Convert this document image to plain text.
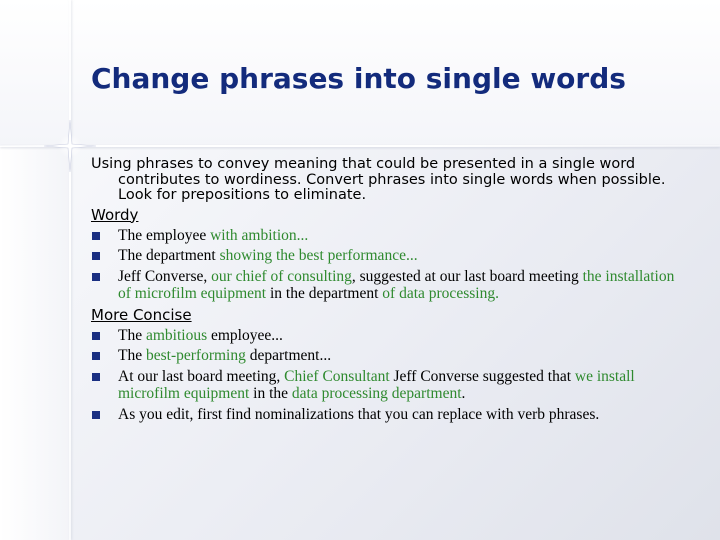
Change phrases into single words

Using phrases to convey meaning that could be presented in a single word contributes to wordiness. Convert phrases into single words when possible. Look for prepositions to eliminate.

Wordy
The employee with ambition...
The department showing the best performance...
Jeff Converse, our chief of consulting, suggested at our last board meeting the installation of microfilm equipment in the department of data processing.
More Concise
The ambitious employee...
The best-performing department...
At our last board meeting, Chief Consultant Jeff Converse suggested that we install microfilm equipment in the data processing department.
As you edit, first find nominalizations that you can replace with verb phrases.
